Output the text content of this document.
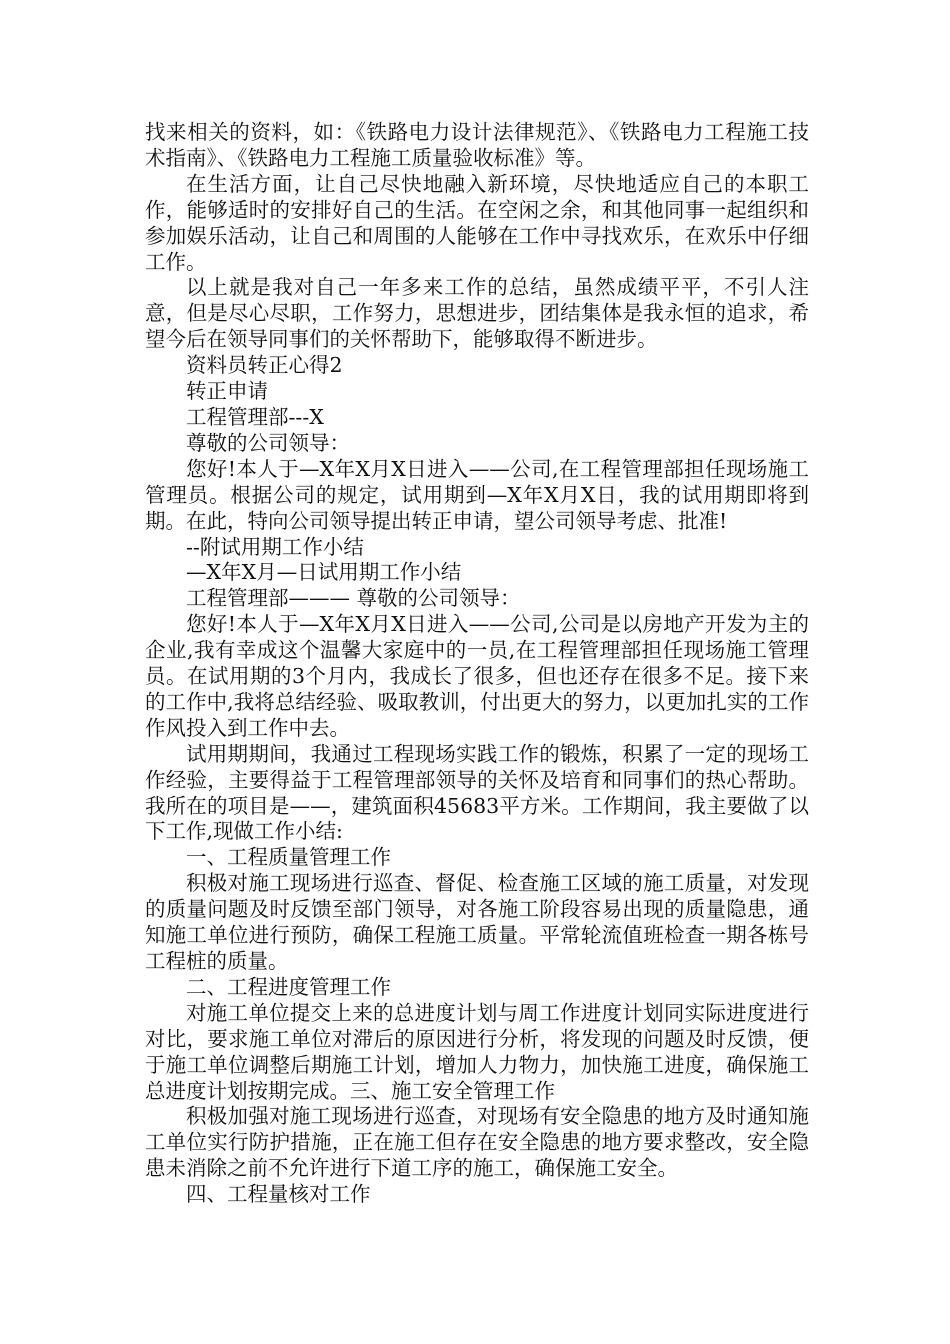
找来相关的资料，如：《铁路电力设计法律规范》、《铁路电力工程施工技术指南》、《铁路电力工程施工质量验收标准》等。

在生活方面，让自己尽快地融入新环境，尽快地适应自己的本职工作，能够适时的安排好自己的生活。在空闲之余，和其他同事一起组织和参加娱乐活动，让自己和周围的人能够在工作中寻找欢乐，在欢乐中仔细工作。

以上就是我对自己一年多来工作的总结，虽然成绩平平，不引人注意，但是尽心尽职，工作努力，思想进步，团结集体是我永恒的追求，希望今后在领导同事们的关怀帮助下，能够取得不断进步。

资料员转正心得2

转正申请

工程管理部---X

尊敬的公司领导：

您好!本人于—X年X月X日进入——公司,在工程管理部担任现场施工管理员。根据公司的规定，试用期到—X年X月X日，我的试用期即将到期。在此，特向公司领导提出转正申请，望公司领导考虑、批准!

--附试用期工作小结

—X年X月—日试用期工作小结

工程管理部——— 尊敬的公司领导：

您好!本人于—X年X月X日进入——公司,公司是以房地产开发为主的企业,我有幸成这个温馨大家庭中的一员,在工程管理部担任现场施工管理员。在试用期的3个月内，我成长了很多，但也还存在很多不足。接下来的工作中,我将总结经验、吸取教训，付出更大的努力，以更加扎实的工作作风投入到工作中去。

试用期期间，我通过工程现场实践工作的锻炼，积累了一定的现场工作经验，主要得益于工程管理部领导的关怀及培育和同事们的热心帮助。我所在的项目是——，建筑面积45683平方米。工作期间，我主要做了以下工作,现做工作小结:

一、工程质量管理工作

积极对施工现场进行巡查、督促、检查施工区域的施工质量，对发现的质量问题及时反馈至部门领导，对各施工阶段容易出现的质量隐患，通知施工单位进行预防，确保工程施工质量。平常轮流值班检查一期各栋号工程桩的质量。

二、工程进度管理工作

对施工单位提交上来的总进度计划与周工作进度计划同实际进度进行对比，要求施工单位对滞后的原因进行分析，将发现的问题及时反馈，便于施工单位调整后期施工计划，增加人力物力，加快施工进度，确保施工总进度计划按期完成。三、施工安全管理工作

积极加强对施工现场进行巡查，对现场有安全隐患的地方及时通知施工单位实行防护措施，正在施工但存在安全隐患的地方要求整改，安全隐患未消除之前不允许进行下道工序的施工，确保施工安全。

四、工程量核对工作
